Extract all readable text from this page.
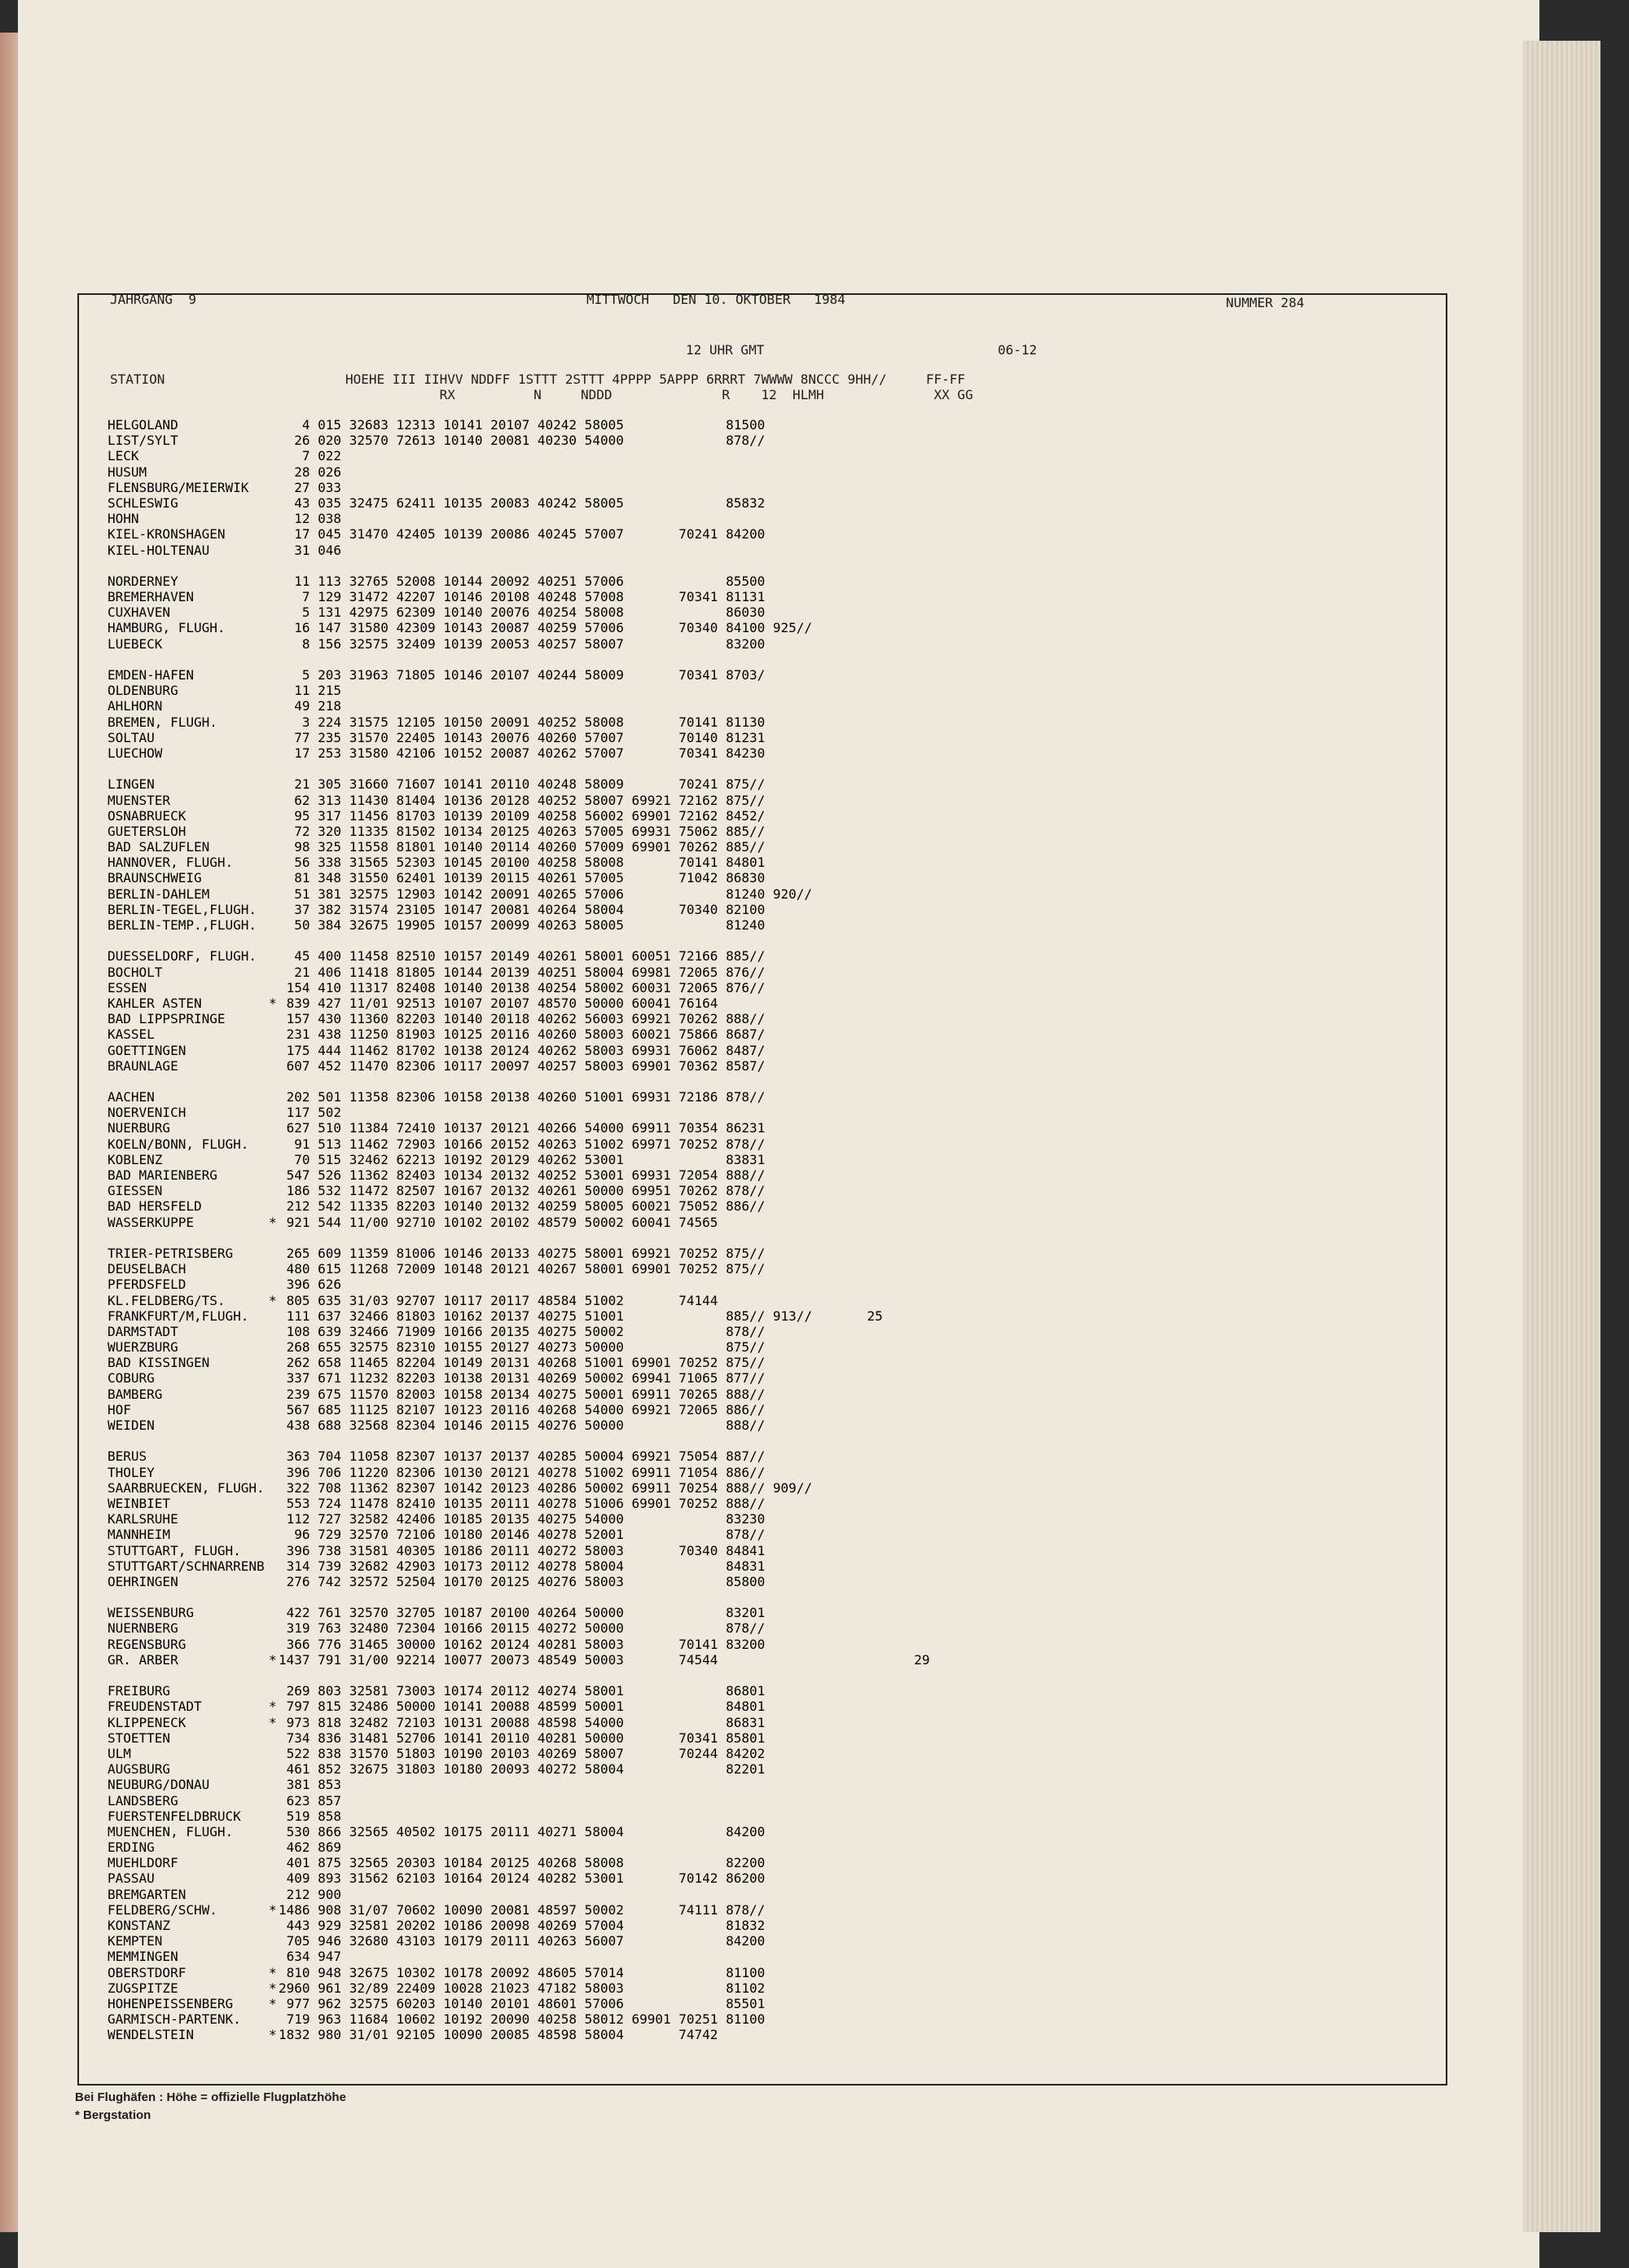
JAHRGANG  9	MITTWOCH   DEN 10. OKTOBER   1984	NUMMER 284
12 UHR GMT	06-12
STATION                       HOEHE III IIHVV NDDFF 1STTT 2STTT 4PPPP 5APPP 6RRRT 7WWWW 8NCCC 9HH//     FF-FF
RX          N     NDDD              R    12  HLMH              XX GG
HELGOLAND	4 015 32683 12313 10141 20107 40242 58005             81500
LIST/SYLT	26 020 32570 72613 10140 20081 40230 54000             878//
LECK	7 022
HUSUM	28 026
FLENSBURG/MEIERWIK 27 033
SCHLESWIG	43 035 32475 62411 10135 20083 40242 58005             85832
HOHN	12 038
KIEL-KRONSHAGEN	17 045 31470 42405 10139 20086 40245 57007       70241 84200
KIEL-HOLTENAU	31 046
NORDERNEY	11 113 32765 52008 10144 20092 40251 57006             85500
BREMERHAVEN	7 129 31472 42207 10146 20108 40248 57008       70341 81131
CUXHAVEN	5 131 42975 62309 10140 20076 40254 58008             86030
HAMBURG, FLUGH.	16 147 31580 42309 10143 20087 40259 57006       70340 84100 925//
LUEBECK	8 156 32575 32409 10139 20053 40257 58007             83200
EMDEN-HAFEN	5 203 31963 71805 10146 20107 40244 58009       70341 8703/
OLDENBURG	11 215
AHLHORN	49 218
BREMEN, FLUGH.	3 224 31575 12105 10150 20091 40252 58008       70141 81130
SOLTAU	77 235 31570 22405 10143 20076 40260 57007       70140 81231
LUECHOW	17 253 31580 42106 10152 20087 40262 57007       70341 84230
LINGEN	21 305 31660 71607 10141 20110 40248 58009       70241 875//
MUENSTER	62 313 11430 81404 10136 20128 40252 58007 69921 72162 875//
OSNABRUECK	95 317 11456 81703 10139 20109 40258 56002 69901 72162 8452/
GUETERSLOH	72 320 11335 81502 10134 20125 40263 57005 69931 75062 885//
BAD SALZUFLEN	98 325 11558 81801 10140 20114 40260 57009 69901 70262 885//
HANNOVER, FLUGH.	56 338 31565 52303 10145 20100 40258 58008       70141 84801
BRAUNSCHWEIG	81 348 31550 62401 10139 20115 40261 57005       71042 86830
BERLIN-DAHLEM	51 381 32575 12903 10142 20091 40265 57006             81240 920//
BERLIN-TEGEL,FLUGH. 37 382 31574 23105 10147 20081 40264 58004       70340 82100
BERLIN-TEMP.,FLUGH. 50 384 32675 19905 10157 20099 40263 58005             81240
DUESSELDORF, FLUGH. 45 400 11458 82510 10157 20149 40261 58001 60051 72166 885//
BOCHOLT	21 406 11418 81805 10144 20139 40251 58004 69981 72065 876//
ESSEN	154 410 11317 82408 10140 20138 40254 58002 60031 72065 876//
KAHLER ASTEN	* 839 427 11/01 92513 10107 20107 48570 50000 60041 76164
BAD LIPPSPRINGE	157 430 11360 82203 10140 20118 40262 56003 69921 70262 888//
KASSEL	231 438 11250 81903 10125 20116 40260 58003 60021 75866 8687/
GOETTINGEN	175 444 11462 81702 10138 20124 40262 58003 69931 76062 8487/
BRAUNLAGE	607 452 11470 82306 10117 20097 40257 58003 69901 70362 8587/
AACHEN	202 501 11358 82306 10158 20138 40260 51001 69931 72186 878//
NOERVENICH	117 502
NUERBURG	627 510 11384 72410 10137 20121 40266 54000 69911 70354 86231
KOELN/BONN, FLUGH. 91 513 11462 72903 10166 20152 40263 51002 69971 70252 878//
KOBLENZ	70 515 32462 62213 10192 20129 40262 53001             83831
BAD MARIENBERG	547 526 11362 82403 10134 20132 40252 53001 69931 72054 888//
GIESSEN	186 532 11472 82507 10167 20132 40261 50000 69951 70262 878//
BAD HERSFELD	212 542 11335 82203 10140 20132 40259 58005 60021 75052 886//
WASSERKUPPE	* 921 544 11/00 92710 10102 20102 48579 50002 60041 74565
TRIER-PETRISBERG	265 609 11359 81006 10146 20133 40275 58001 69921 70252 875//
DEUSELBACH	480 615 11268 72009 10148 20121 40267 58001 69901 70252 875//
PFERDSFELD	396 626
KL.FELDBERG/TS.	* 805 635 31/03 92707 10117 20117 48584 51002       74144
FRANKFURT/M,FLUGH. 111 637 32466 81803 10162 20137 40275 51001             885// 913//       25
DARMSTADT	108 639 32466 71909 10166 20135 40275 50002             878//
WUERZBURG	268 655 32575 82310 10155 20127 40273 50000             875//
BAD KISSINGEN	262 658 11465 82204 10149 20131 40268 51001 69901 70252 875//
COBURG	337 671 11232 82203 10138 20131 40269 50002 69941 71065 877//
BAMBERG	239 675 11570 82003 10158 20134 40275 50001 69911 70265 888//
HOF	567 685 11125 82107 10123 20116 40268 54000 69921 72065 886//
WEIDEN	438 688 32568 82304 10146 20115 40276 50000             888//
BERUS	363 704 11058 82307 10137 20137 40285 50004 69921 75054 887//
THOLEY	396 706 11220 82306 10130 20121 40278 51002 69911 71054 886//
SAARBRUECKEN, FLUGH. 322 708 11362 82307 10142 20123 40286 50002 69911 70254 888// 909//
WEINBIET	553 724 11478 82410 10135 20111 40278 51006 69901 70252 888//
KARLSRUHE	112 727 32582 42406 10185 20135 40275 54000             83230
MANNHEIM	96 729 32570 72106 10180 20146 40278 52001             878//
STUTTGART, FLUGH.	396 738 31581 40305 10186 20111 40272 58003       70340 84841
STUTTGART/SCHNARRENB 314 739 32682 42903 10173 20112 40278 58004             84831
OEHRINGEN	276 742 32572 52504 10170 20125 40276 58003             85800
WEISSENBURG	422 761 32570 32705 10187 20100 40264 50000             83201
NUERNBERG	319 763 32480 72304 10166 20115 40272 50000             878//
REGENSBURG	366 776 31465 30000 10162 20124 40281 58003       70141 83200
GR. ARBER	* 1437 791 31/00 92214 10077 20073 48549 50003       74544                         29
FREIBURG	269 803 32581 73003 10174 20112 40274 58001             86801
FREUDENSTADT	* 797 815 32486 50000 10141 20088 48599 50001             84801
KLIPPENECK	* 973 818 32482 72103 10131 20088 48598 54000             86831
STOETTEN	734 836 31481 52706 10141 20110 40281 50000       70341 85801
ULM	522 838 31570 51803 10190 20103 40269 58007       70244 84202
AUGSBURG	461 852 32675 31803 10180 20093 40272 58004             82201
NEUBURG/DONAU	381 853
LANDSBERG	623 857
FUERSTENFELDBRUCK	519 858
MUENCHEN, FLUGH.	530 866 32565 40502 10175 20111 40271 58004             84200
ERDING	462 869
MUEHLDORF	401 875 32565 20303 10184 20125 40268 58008             82200
PASSAU	409 893 31562 62103 10164 20124 40282 53001       70142 86200
BREMGARTEN	212 900
FELDBERG/SCHW.	* 1486 908 31/07 70602 10090 20081 48597 50002       74111 878//
KONSTANZ	443 929 32581 20202 10186 20098 40269 57004             81832
KEMPTEN	705 946 32680 43103 10179 20111 40263 56007             84200
MEMMINGEN	634 947
OBERSTDORF	* 810 948 32675 10302 10178 20092 48605 57014             81100
ZUGSPITZE	* 2960 961 32/89 22409 10028 21023 47182 58003             81102
HOHENPEISSENBERG	* 977 962 32575 60203 10140 20101 48601 57006             85501
GARMISCH-PARTENK.	719 963 11684 10602 10192 20090 40258 58012 69901 70251 81100
WENDELSTEIN	* 1832 980 31/01 92105 10090 20085 48598 58004       74742
Bei Flughäfen : Höhe = offizielle Flugplatzhöhe
* Bergstation
